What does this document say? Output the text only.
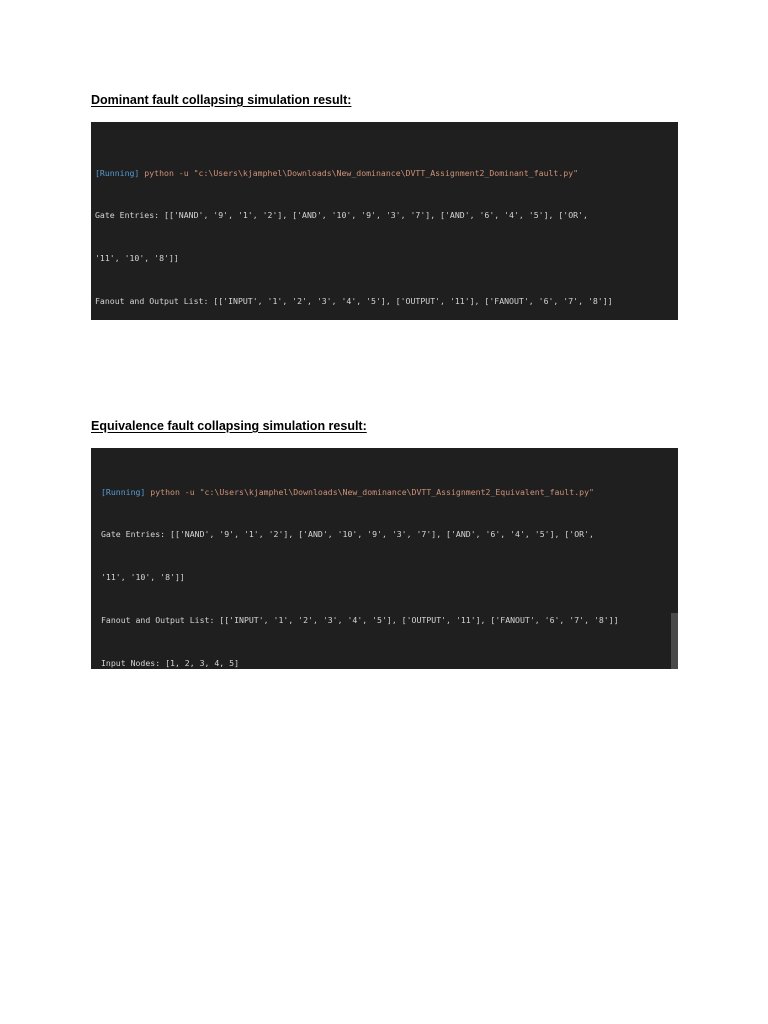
Dominant fault collapsing simulation result:

[Running] python -u "c:\Users\kjamphel\Downloads\New_dominance\DVTT_Assignment2_Dominant_fault.py"

Gate Entries: [['NAND', '9', '1', '2'], ['AND', '10', '9', '3', '7'], ['AND', '6', '4', '5'], ['OR',

'11', '10', '8']]

Fanout and Output List: [['INPUT', '1', '2', '3', '4', '5'], ['OUTPUT', '11'], ['FANOUT', '6', '7', '8']]

Equivalence fault collapsing simulation result:

[Running] python -u "c:\Users\kjamphel\Downloads\New_dominance\DVTT_Assignment2_Equivalent_fault.py"

Gate Entries: [['NAND', '9', '1', '2'], ['AND', '10', '9', '3', '7'], ['AND', '6', '4', '5'], ['OR',

'11', '10', '8']]

Fanout and Output List: [['INPUT', '1', '2', '3', '4', '5'], ['OUTPUT', '11'], ['FANOUT', '6', '7', '8']]

Input Nodes: [1, 2, 3, 4, 5]
